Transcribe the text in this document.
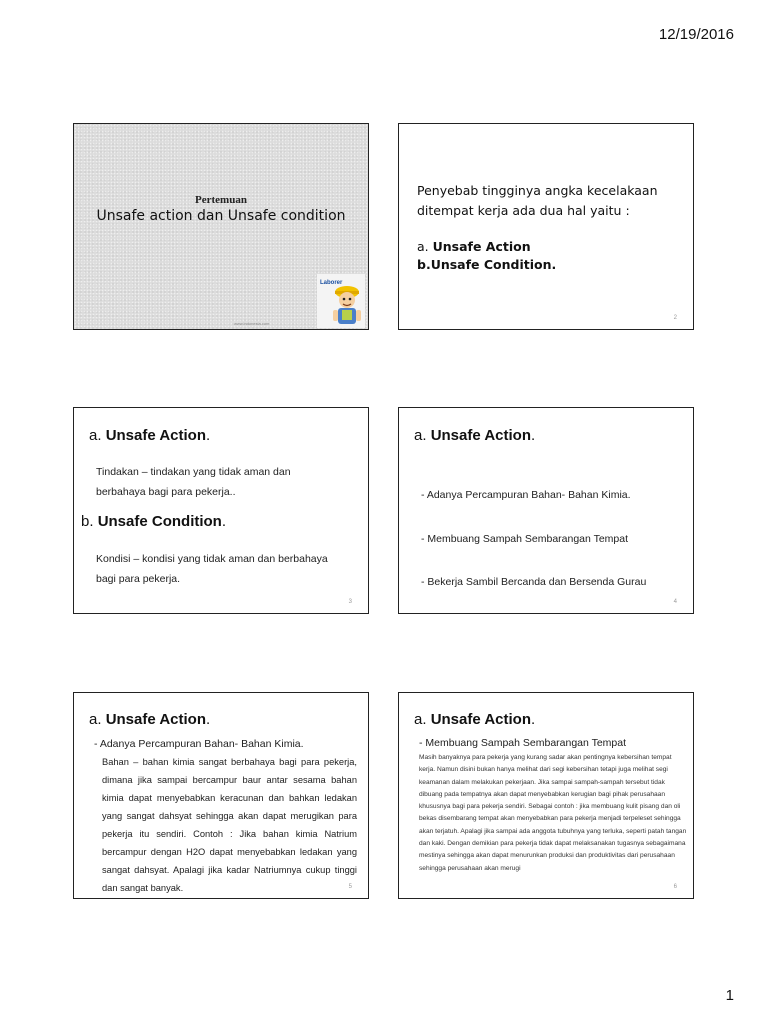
12/19/2016
Pertemuan
Unsafe action dan Unsafe condition
www.indonesia.com
Laborer
Penyebab tingginya angka kecelakaan ditempat kerja ada dua hal yaitu :
a. Unsafe Action
b.Unsafe Condition.
2
a. Unsafe Action.
Tindakan – tindakan yang tidak aman dan berbahaya bagi para pekerja..
b. Unsafe Condition.
Kondisi – kondisi yang tidak aman dan berbahaya bagi para pekerja.
3
a. Unsafe Action.

- Adanya Percampuran Bahan- Bahan Kimia.

- Membuang Sampah Sembarangan Tempat

- Bekerja Sambil Bercanda dan Bersenda Gurau

4
a. Unsafe Action.
- Adanya Percampuran Bahan- Bahan Kimia.
Bahan – bahan kimia sangat berbahaya bagi para pekerja, dimana jika sampai bercampur baur antar sesama bahan kimia dapat menyebabkan keracunan dan bahkan ledakan yang sangat dahsyat sehingga akan dapat merugikan para pekerja itu sendiri. Contoh : Jika bahan kimia Natrium bercampur dengan H2O dapat menyebabkan ledakan yang sangat dahsyat. Apalagi jika kadar Natriumnya cukup tinggi dan sangat banyak.	5
a. Unsafe Action.
- Membuang Sampah Sembarangan Tempat
Masih banyaknya para pekerja yang kurang sadar akan pentingnya kebersihan tempat kerja. Namun disini bukan hanya melihat dari segi kebersihan tetapi juga melihat segi keamanan dalam melakukan pekerjaan. Jika sampai sampah-sampah tersebut tidak dibuang pada tempatnya akan dapat menyebabkan kerugian bagi pihak perusahaan khususnya bagi para pekerja sendiri. Sebagai contoh : jika membuang kulit pisang dan oli bekas disembarang tempat akan menyebabkan para pekerja menjadi terpeleset sehingga akan terjatuh. Apalagi jika sampai ada anggota tubuhnya yang terluka, seperti patah tangan dan kaki. Dengan demikian para pekerja tidak dapat melaksanakan tugasnya sebagaimana mestinya sehingga akan dapat menurunkan produksi dan produktivitas dari perusahaan sehingga perusahaan akan merugi
6
1
